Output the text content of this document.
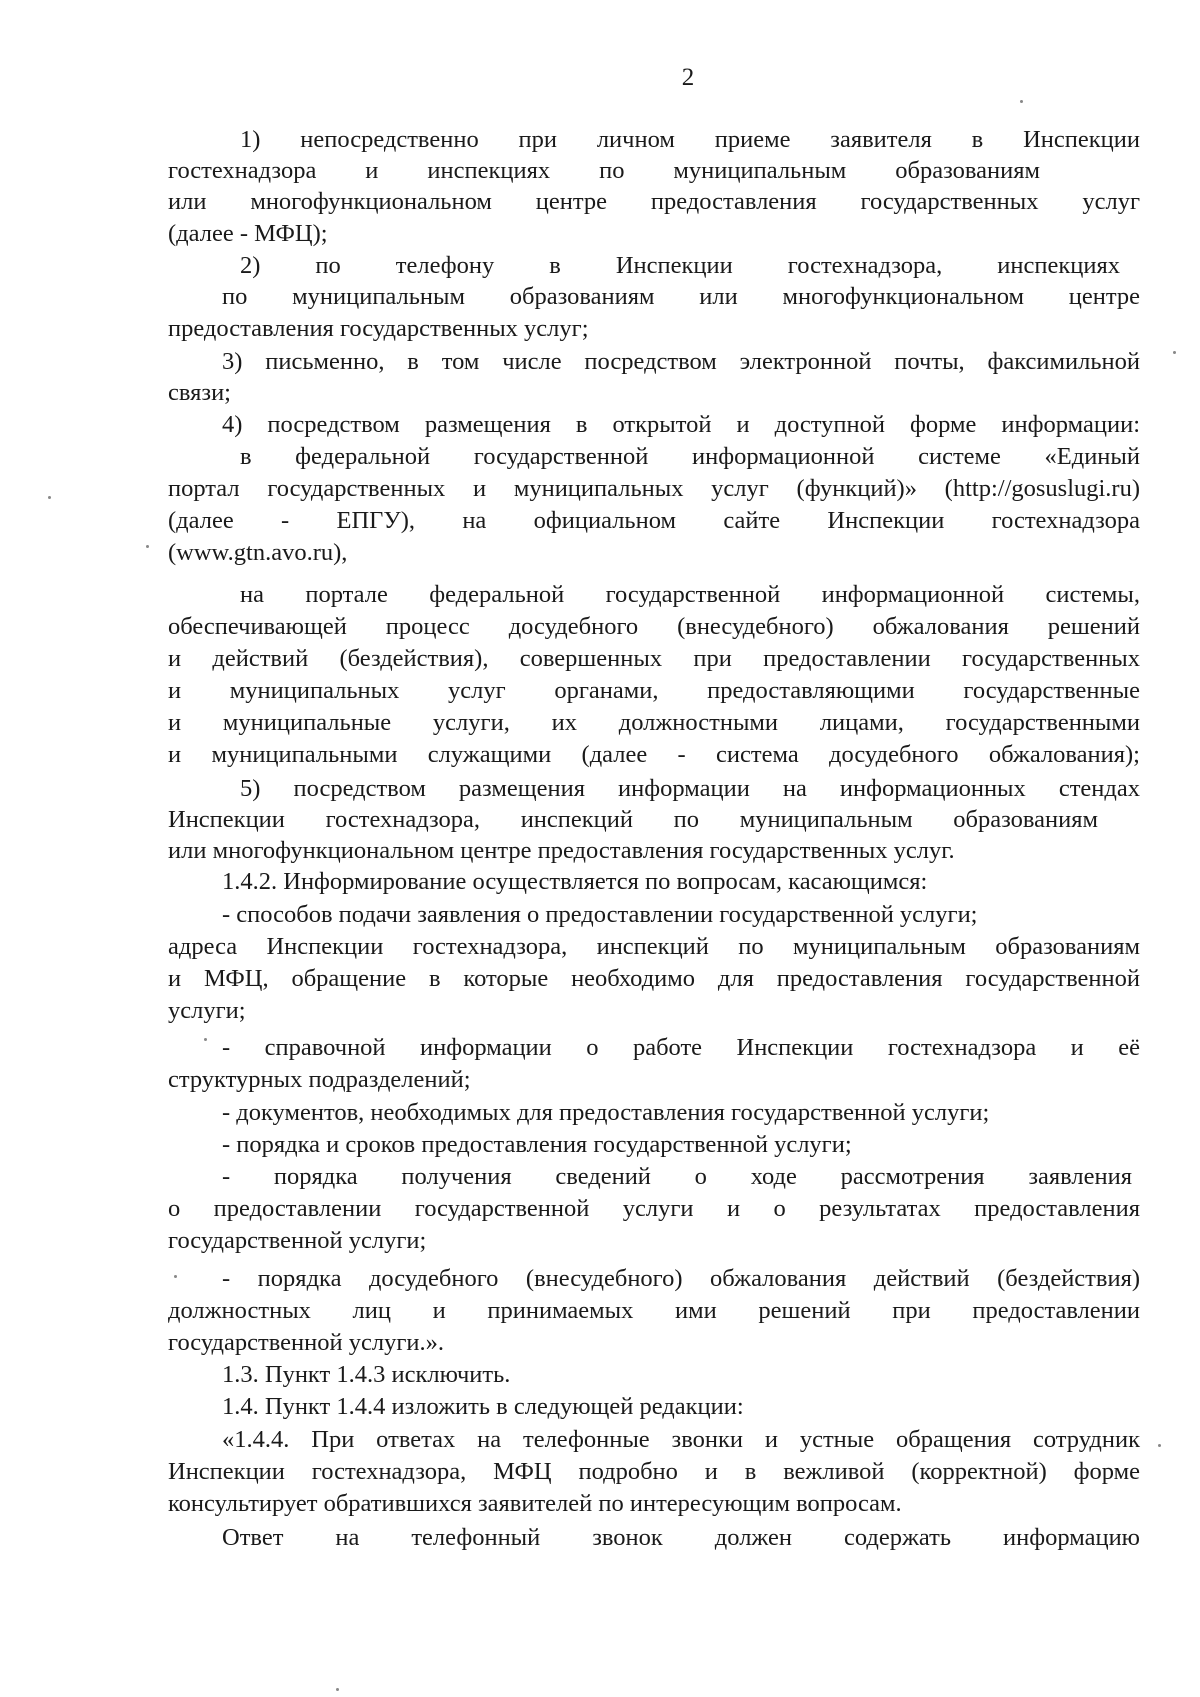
2
1) непосредственно при личном приеме заявителя в Инспекции
гостехнадзора и инспекциях по муниципальным образованиям
или многофункциональном центре предоставления государственных услуг
(далее - МФЦ);
2) по телефону в Инспекции гостехнадзора, инспекциях
по муниципальным образованиям или многофункциональном центре
предоставления государственных услуг;
3) письменно, в том числе посредством электронной почты, факсимильной
связи;
4) посредством размещения в открытой и доступной форме информации:
в федеральной государственной информационной системе «Единый
портал государственных и муниципальных услуг (функций)» (http://gosuslugi.ru)
(далее - ЕПГУ), на официальном сайте Инспекции гостехнадзора
(www.gtn.avo.ru),
на портале федеральной государственной информационной системы,
обеспечивающей процесс досудебного (внесудебного) обжалования решений
и действий (бездействия), совершенных при предоставлении государственных
и муниципальных услуг органами, предоставляющими государственные
и муниципальные услуги, их должностными лицами, государственными
и муниципальными служащими (далее - система досудебного обжалования);
5) посредством размещения информации на информационных стендах
Инспекции гостехнадзора, инспекций по муниципальным образованиям
или многофункциональном центре предоставления государственных услуг.
1.4.2. Информирование осуществляется по вопросам, касающимся:
- способов подачи заявления о предоставлении государственной услуги;
адреса Инспекции гостехнадзора, инспекций по муниципальным образованиям
и МФЦ, обращение в которые необходимо для предоставления государственной
услуги;
- справочной информации о работе Инспекции гостехнадзора и её
структурных подразделений;
- документов, необходимых для предоставления государственной услуги;
- порядка и сроков предоставления государственной услуги;
- порядка получения сведений о ходе рассмотрения заявления
о предоставлении государственной услуги и о результатах предоставления
государственной услуги;
- порядка досудебного (внесудебного) обжалования действий (бездействия)
должностных лиц и принимаемых ими решений при предоставлении
государственной услуги.».
1.3. Пункт 1.4.3 исключить.
1.4. Пункт 1.4.4 изложить в следующей редакции:
«1.4.4. При ответах на телефонные звонки и устные обращения сотрудник
Инспекции гостехнадзора, МФЦ подробно и в вежливой (корректной) форме
консультирует обратившихся заявителей по интересующим вопросам.
Ответ на телефонный звонок должен содержать информацию
